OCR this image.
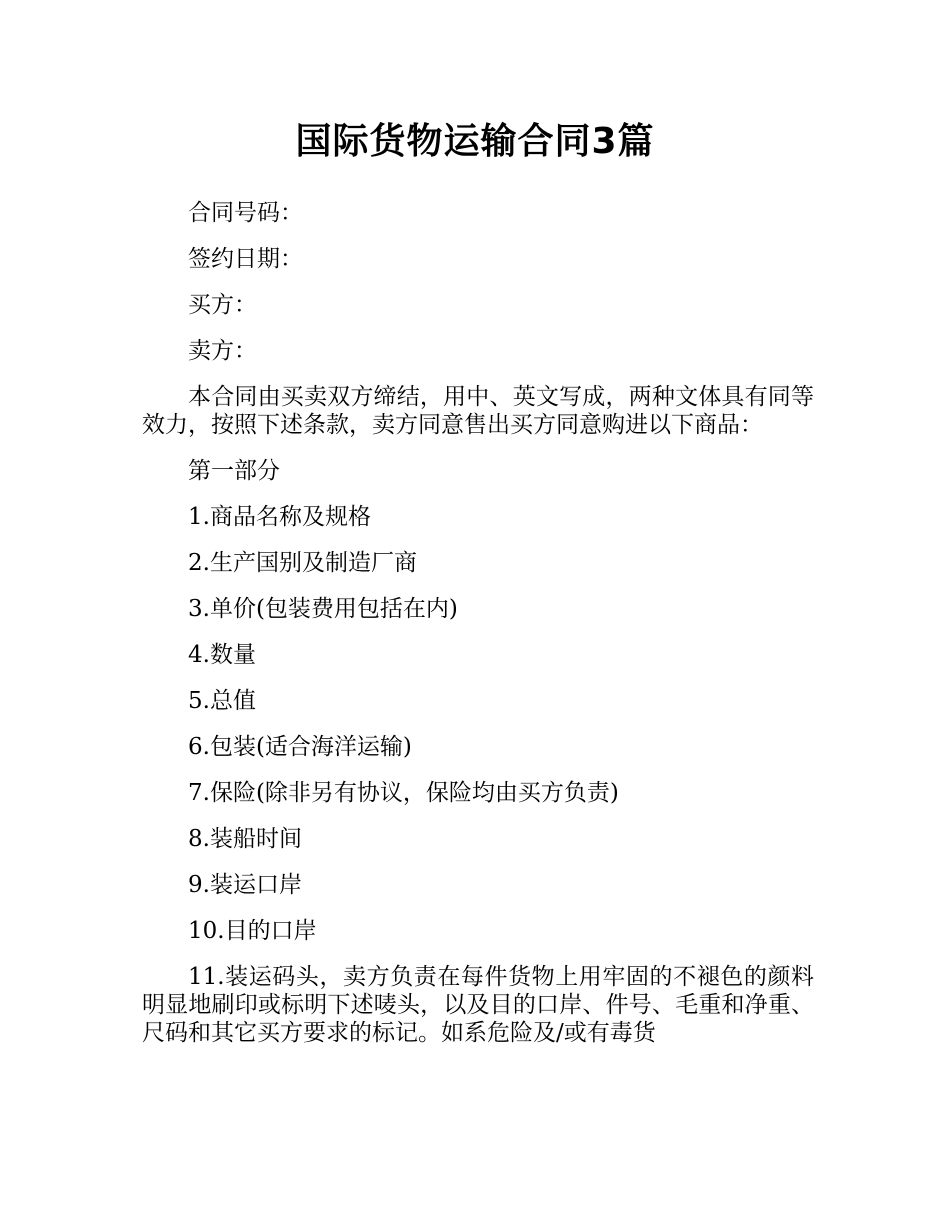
国际货物运输合同3篇

合同号码：

签约日期：

买方：

卖方：

本合同由买卖双方缔结，用中、英文写成，两种文体具有同等效力，按照下述条款，卖方同意售出买方同意购进以下商品：

第一部分

1.商品名称及规格

2.生产国别及制造厂商

3.单价(包装费用包括在内)

4.数量

5.总值

6.包装(适合海洋运输)

7.保险(除非另有协议，保险均由买方负责)

8.装船时间

9.装运口岸

10.目的口岸

11.装运码头，卖方负责在每件货物上用牢固的不褪色的颜料明显地刷印或标明下述唛头，以及目的口岸、件号、毛重和净重、尺码和其它买方要求的标记。如系危险及/或有毒货
